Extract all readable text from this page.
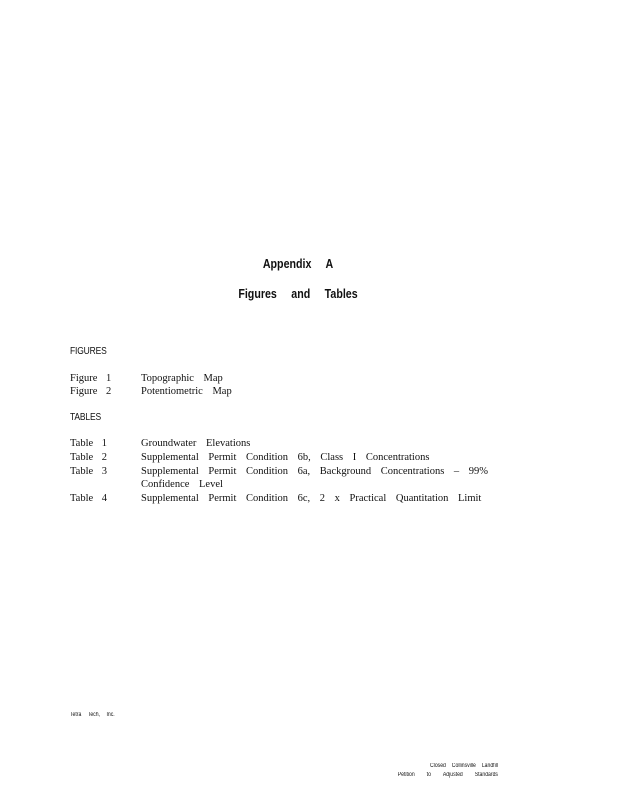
Appendix A
Figures and Tables
FIGURES
Figure 1	Topographic Map
Figure 2	Potentiometric Map
TABLES
Table 1	Groundwater Elevations
Table 2	Supplemental Permit Condition 6b, Class I Concentrations
Table 3	Supplemental Permit Condition 6a, Background Concentrations – 99%
Confidence Level
Table 4	Supplemental Permit Condition 6c, 2 x Practical Quantitation Limit
Tetra Tech, Inc.
Closed Collinsville Landfill
Petition to Adjusted Standards
